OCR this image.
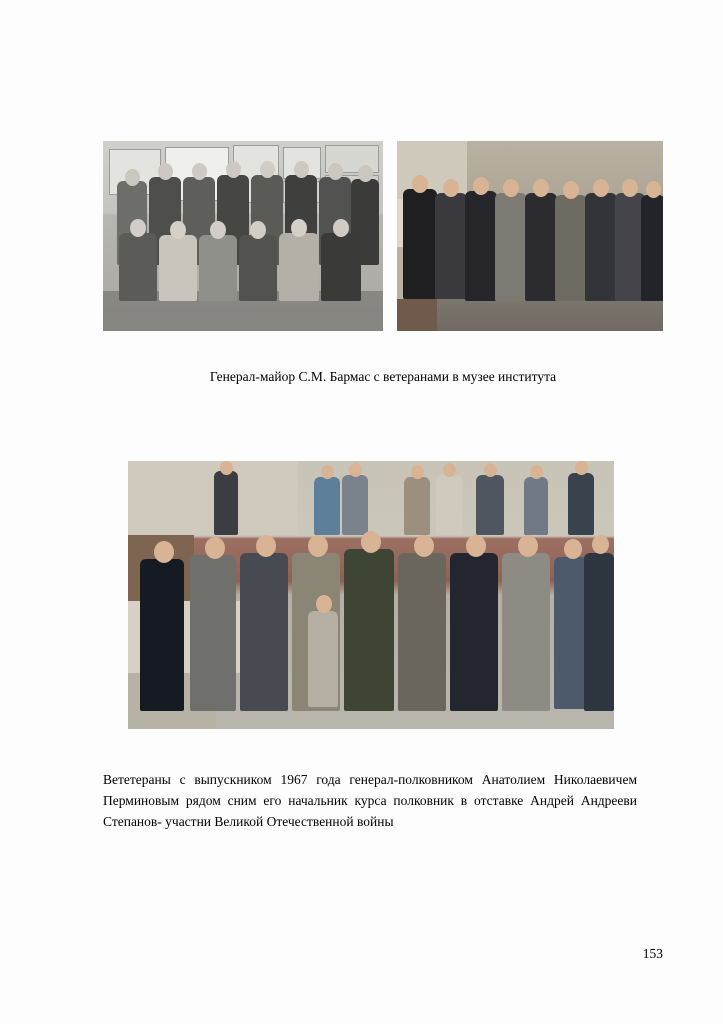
Генерал-майор С.М. Бармас с ветеранами в музее института

Вететераны с выпускником 1967 года генерал-полковником Анатолием Николаевичем Перминовым рядом сним его начальник курса полковник в отставке Андрей Андрееви Степанов- участни Великой Отечественной войны

153
